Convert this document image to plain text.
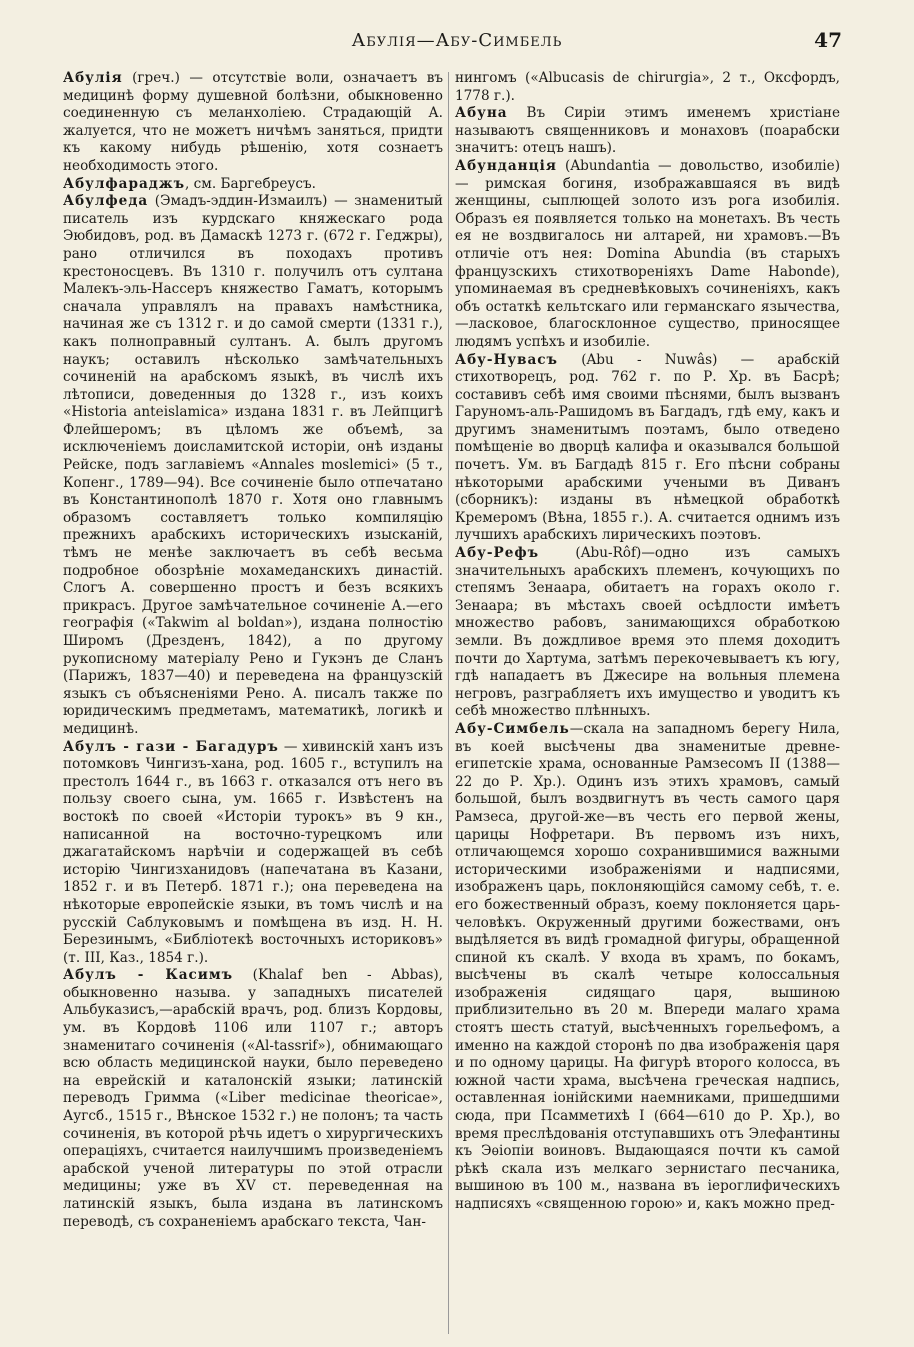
Абулія—Абу-Симбель	47

Абулія (греч.) — отсутствіе воли, означаетъ въ медицинѣ форму душевной болѣзни, обыкновенно соединенную съ меланхоліею. Страдающій А. жалуется, что не можетъ ничѣмъ заняться, придти къ какому нибудь рѣшенію, хотя сознаетъ необходимость этого.

Абулфараджъ, см. Баргебреусъ.

Абулфеда (Эмадъ-эддин-Измаилъ) — знаменитый писатель изъ курдскаго княжескаго рода Эюбидовъ, род. въ Дамаскѣ 1273 г. (672 г. Геджры), рано отличился въ походахъ противъ крестоносцевъ. Въ 1310 г. получилъ отъ султана Малекъ-эль-Нассеръ княжество Гаматъ, которымъ сначала управлялъ на правахъ намѣстника, начиная же съ 1312 г. и до самой смерти (1331 г.), какъ полноправный султанъ. А. былъ другомъ наукъ; оставилъ нѣсколько замѣчательныхъ сочиненій на арабскомъ языкѣ, въ числѣ ихъ лѣтописи, доведенныя до 1328 г., изъ коихъ «Historia anteislamica» издана 1831 г. въ Лейпцигѣ Флейшеромъ; въ цѣломъ же объемѣ, за исключеніемъ доисламитской исторіи, онѣ изданы Рейске, подъ заглавіемъ «Annales moslemici» (5 т., Копенг., 1789—94). Все сочиненіе было отпечатано въ Константинополѣ 1870 г. Хотя оно главнымъ образомъ составляетъ только компиляцію прежнихъ арабскихъ историческихъ изысканій, тѣмъ не менѣе заключаетъ въ себѣ весьма подробное обозрѣніе мохамеданскихъ династій. Слогъ А. совершенно простъ и безъ всякихъ прикрасъ. Другое замѣчательное сочиненіе А.—его географія («Takwim al boldan»), издана полностію Широмъ (Дрезденъ, 1842), а по другому рукописному матеріалу Рено и Гукэнъ де Сланъ (Парижъ, 1837—40) и переведена на французскій языкъ съ объясненіями Рено. А. писалъ также по юридическимъ предметамъ, математикѣ, логикѣ и медицинѣ.

Абулъ - гази - Багадуръ — хивинскій ханъ изъ потомковъ Чингизъ-хана, род. 1605 г., вступилъ на престолъ 1644 г., въ 1663 г. отказался отъ него въ пользу своего сына, ум. 1665 г. Извѣстенъ на востокѣ по своей «Исторіи турокъ» въ 9 кн., написанной на восточно-турецкомъ или джагатайскомъ нарѣчіи и содержащей въ себѣ исторію Чингизханидовъ (напечатана въ Казани, 1852 г. и въ Петерб. 1871 г.); она переведена на нѣкоторые европейскіе языки, въ томъ числѣ и на русскій Саблуковымъ и помѣщена въ изд. Н. Н. Березинымъ, «Библіотекѣ восточныхъ историковъ» (т. III, Каз., 1854 г.).

Абулъ - Касимъ (Khalaf ben - Abbas), обыкновенно называ. у западныхъ писателей Альбуказисъ,—арабскій врачъ, род. близъ Кордовы, ум. въ Кордовѣ 1106 или 1107 г.; авторъ знаменитаго сочиненія («Al-tassrif»), обнимающаго всю область медицинской науки, было переведено на еврейскій и каталонскій языки; латинскій переводъ Гримма («Liber medicinae theoricae», Аугсб., 1515 г., Вѣнское 1532 г.) не полонъ; та часть сочиненія, въ которой рѣчь идетъ о хирургическихъ операціяхъ, считается наилучшимъ произведеніемъ арабской ученой литературы по этой отрасли медицины; уже въ XV ст. переведенная на латинскій языкъ, была издана въ латинскомъ переводѣ, съ сохраненіемъ арабскаго текста, Чан-

нингомъ («Albucasis de chirurgia», 2 т., Оксфордъ, 1778 г.).

Абуна Въ Сиріи этимъ именемъ христіане называютъ священниковъ и монаховъ (поарабски значитъ: отецъ нашъ).

Абунданція (Abundantia — довольство, изобиліе) — римская богиня, изображавшаяся въ видѣ женщины, сыплющей золото изъ рога изобилія. Образъ ея появляется только на монетахъ. Въ честь ея не воздвигалось ни алтарей, ни храмовъ.—Въ отличіе отъ нея: Domina Abundia (въ старыхъ французскихъ стихотвореніяхъ Dame Habonde), упоминаемая въ средневѣковыхъ сочиненіяхъ, какъ объ остаткѣ кельтскаго или германскаго язычества,—ласковое, благосклонное существо, приносящее людямъ успѣхъ и изобиліе.

Абу-Нувасъ (Abu - Nuwâs) — арабскій стихотворецъ, род. 762 г. по Р. Хр. въ Басрѣ; составивъ себѣ имя своими пѣснями, былъ вызванъ Гаруномъ-аль-Рашидомъ въ Багдадъ, гдѣ ему, какъ и другимъ знаменитымъ поэтамъ, было отведено помѣщеніе во дворцѣ калифа и оказывался большой почетъ. Ум. въ Багдадѣ 815 г. Его пѣсни собраны нѣкоторыми арабскими учеными въ Диванъ (сборникъ): изданы въ нѣмецкой обработкѣ Кремеромъ (Вѣна, 1855 г.). А. считается однимъ изъ лучшихъ арабскихъ лирическихъ поэтовъ.

Абу-Рефъ (Abu-Rôf)—одно изъ самыхъ значительныхъ арабскихъ племенъ, кочующихъ по степямъ Зенаара, обитаетъ на горахъ около г. Зенаара; въ мѣстахъ своей осѣдлости имѣетъ множество рабовъ, занимающихся обработкою земли. Въ дождливое время это племя доходитъ почти до Хартума, затѣмъ перекочевываетъ къ югу, гдѣ нападаетъ въ Джесире на вольныя племена негровъ, разграбляетъ ихъ имущество и уводитъ къ себѣ множество плѣнныхъ.

Абу-Симбель—скала на западномъ берегу Нила, въ коей высѣчены два знаменитые древне-египетскіе храма, основанные Рамзесомъ II (1388—22 до Р. Хр.). Одинъ изъ этихъ храмовъ, самый большой, былъ воздвигнутъ въ честь самого царя Рамзеса, другой-же—въ честь его первой жены, царицы Нофретари. Въ первомъ изъ нихъ, отличающемся хорошо сохранившимися важными историческими изображеніями и надписями, изображенъ царь, поклоняющійся самому себѣ, т. е. его божественный образъ, коему поклоняется царь-человѣкъ. Окруженный другими божествами, онъ выдѣляется въ видѣ громадной фигуры, обращенной спиной къ скалѣ. У входа въ храмъ, по бокамъ, высѣчены въ скалѣ четыре колоссальныя изображенія сидящаго царя, вышиною приблизительно въ 20 м. Впереди малаго храма стоятъ шесть статуй, высѣченныхъ горельефомъ, а именно на каждой сторонѣ по два изображенія царя и по одному царицы. На фигурѣ второго колосса, въ южной части храма, высѣчена греческая надпись, оставленная іонійскими наемниками, пришедшими сюда, при Псамметихѣ I (664—610 до Р. Хр.), во время преслѣдованія отступавшихъ отъ Элефантины къ Эѳіопіи воиновъ. Выдающаяся почти къ самой рѣкѣ скала изъ мелкаго зернистаго песчаника, вышиною въ 100 м., названа въ іероглифическихъ надписяхъ «священною горою» и, какъ можно пред-
